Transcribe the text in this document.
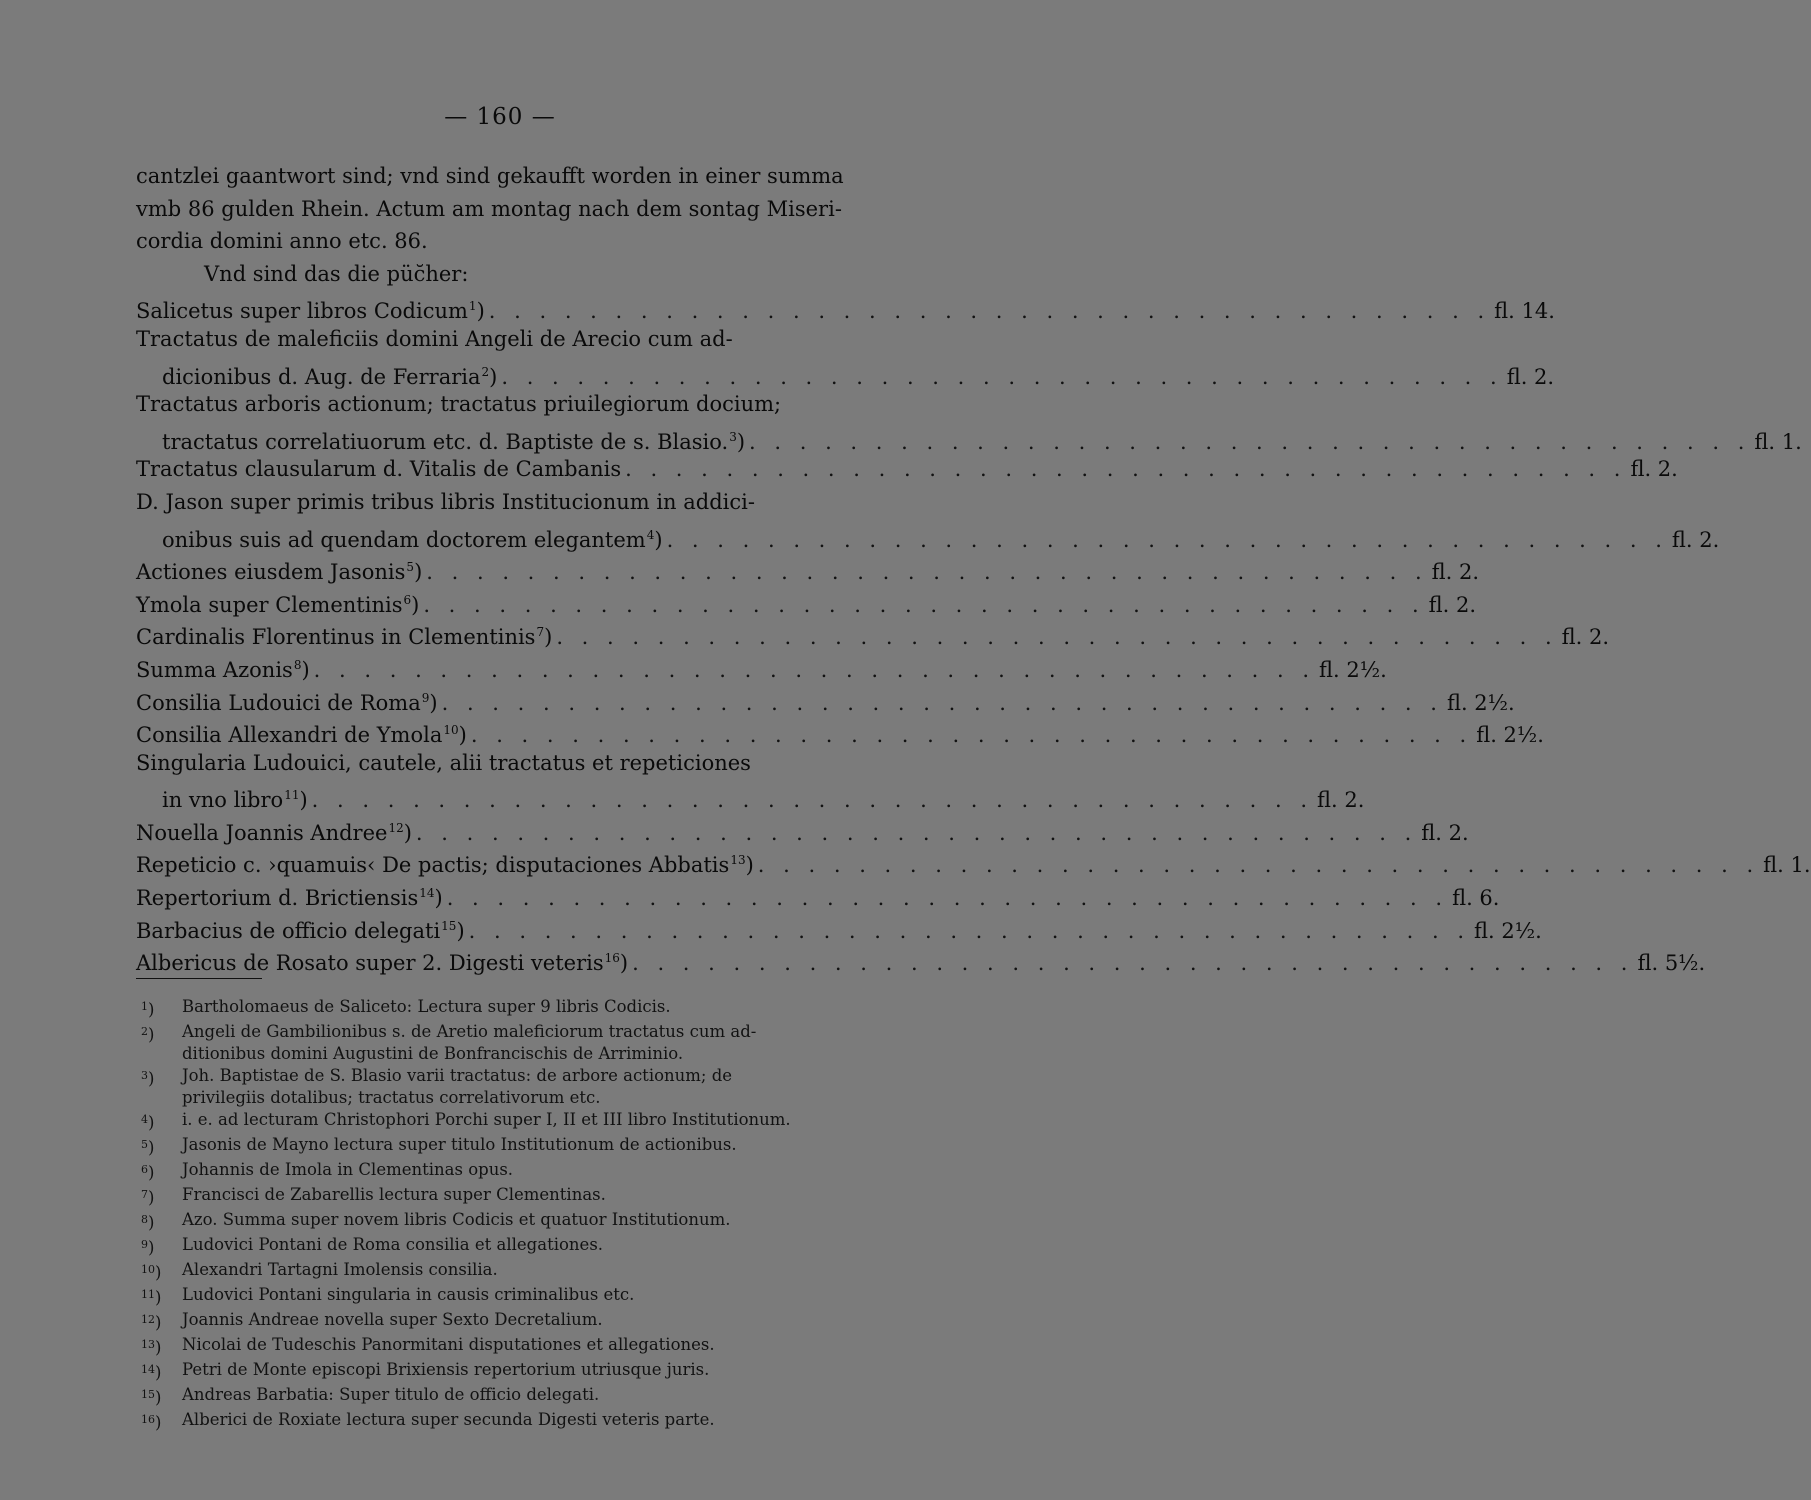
— 160 —
cantzlei gaantwort sind; vnd sind gekaufft worden in einer summa
vmb 86 gulden Rhein. Actum am montag nach dem sontag Miseri-
cordia domini anno etc. 86.
Vnd sind das die püc̆her:
Salicetus super libros Codicum $^1$) . . . . . . . . . . . . . . . . . . . . . . . . . . . . . . . . . . . . . . . . fl. 14.
Tractatus de maleficiis domini Angeli de Arecio cum ad-
dicionibus d. Aug. de Ferraria $^2$) . . . . . . . . . . . . . . . . . . . . . . . . . . . . . . . . . . . . . . . . fl. 2.
Tractatus arboris actionum; tractatus priuilegiorum docium;
tractatus correlatiuorum etc. d. Baptiste de s. Blasio. $^3$) . . . . . . . . . . . . . . . . . . . . . . . . . . . . . . . . . . . . . . . . fl. 1.
Tractatus clausularum d. Vitalis de Cambanis . . . . . . . . . . . . . . . . . . . . . . . . . . . . . . . . . . . . . . . . fl. 2.
D. Jason super primis tribus libris Institucionum in addici-
onibus suis ad quendam doctorem elegantem $^4$) . . . . . . . . . . . . . . . . . . . . . . . . . . . . . . . . . . . . . . . . fl. 2.
Actiones eiusdem Jasonis $^5$) . . . . . . . . . . . . . . . . . . . . . . . . . . . . . . . . . . . . . . . . fl. 2.
Ymola super Clementinis $^6$) . . . . . . . . . . . . . . . . . . . . . . . . . . . . . . . . . . . . . . . . fl. 2.
Cardinalis Florentinus in Clementinis $^7$) . . . . . . . . . . . . . . . . . . . . . . . . . . . . . . . . . . . . . . . . fl. 2.
Summa Azonis $^8$) . . . . . . . . . . . . . . . . . . . . . . . . . . . . . . . . . . . . . . . . fl. 2½.
Consilia Ludouici de Roma $^9$) . . . . . . . . . . . . . . . . . . . . . . . . . . . . . . . . . . . . . . . . fl. 2½.
Consilia Allexandri de Ymola $^{10}$) . . . . . . . . . . . . . . . . . . . . . . . . . . . . . . . . . . . . . . . . fl. 2½.
Singularia Ludouici, cautele, alii tractatus et repeticiones
in vno libro $^{11}$) . . . . . . . . . . . . . . . . . . . . . . . . . . . . . . . . . . . . . . . . fl. 2.
Nouella Joannis Andree $^{12}$) . . . . . . . . . . . . . . . . . . . . . . . . . . . . . . . . . . . . . . . . fl. 2.
Repeticio c. ›quamuis‹ De pactis; disputaciones Abbatis $^{13}$) . . . . . . . . . . . . . . . . . . . . . . . . . . . . . . . . . . . . . . . . fl. 1.
Repertorium d. Brictiensis $^{14}$) . . . . . . . . . . . . . . . . . . . . . . . . . . . . . . . . . . . . . . . . fl. 6.
Barbacius de officio delegati $^{15}$) . . . . . . . . . . . . . . . . . . . . . . . . . . . . . . . . . . . . . . . . fl. 2½.
Albericus de Rosato super 2. Digesti veteris $^{16}$) . . . . . . . . . . . . . . . . . . . . . . . . . . . . . . . . . . . . . . . . fl. 5½.
$^1$)	Bartholomaeus de Saliceto: Lectura super 9 libris Codicis.
$^2$)	Angeli de Gambilionibus s. de Aretio maleficiorum tractatus cum ad-
ditionibus domini Augustini de Bonfrancischis de Arriminio.
$^3$)	Joh. Baptistae de S. Blasio varii tractatus: de arbore actionum; de
privilegiis dotalibus; tractatus correlativorum etc.
$^4$)	i. e. ad lecturam Christophori Porchi super I, II et III libro Institutionum.
$^5$)	Jasonis de Mayno lectura super titulo Institutionum de actionibus.
$^6$)	Johannis de Imola in Clementinas opus.
$^7$)	Francisci de Zabarellis lectura super Clementinas.
$^8$)	Azo. Summa super novem libris Codicis et quatuor Institutionum.
$^9$)	Ludovici Pontani de Roma consilia et allegationes.
$^{10}$)	Alexandri Tartagni Imolensis consilia.
$^{11}$)	Ludovici Pontani singularia in causis criminalibus etc.
$^{12}$)	Joannis Andreae novella super Sexto Decretalium.
$^{13}$)	Nicolai de Tudeschis Panormitani disputationes et allegationes.
$^{14}$)	Petri de Monte episcopi Brixiensis repertorium utriusque juris.
$^{15}$)	Andreas Barbatia: Super titulo de officio delegati.
$^{16}$)	Alberici de Roxiate lectura super secunda Digesti veteris parte.
